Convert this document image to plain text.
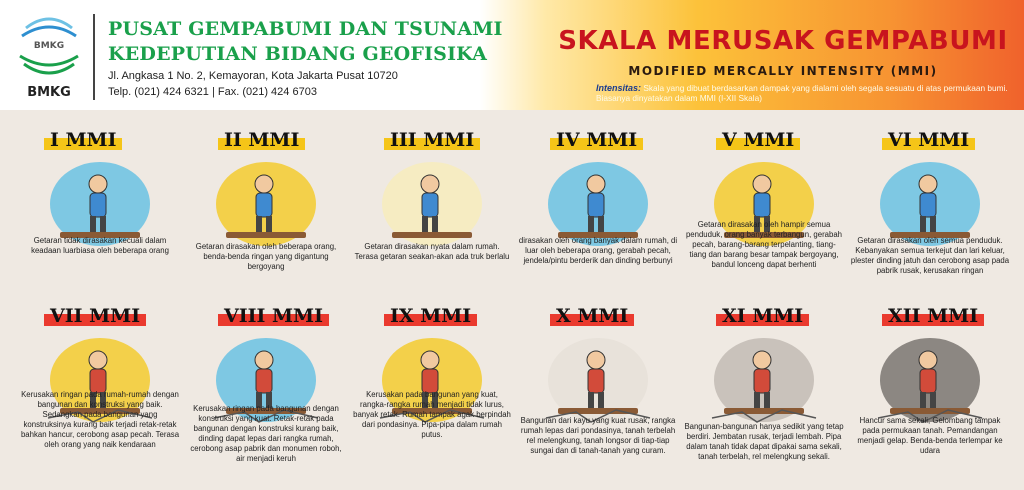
BMKG
BMKG
PUSAT GEMPABUMI DAN TSUNAMI
KEDEPUTIAN BIDANG GEOFISIKA
Jl. Angkasa 1 No. 2, Kemayoran, Kota Jakarta Pusat 10720
Telp. (021) 424 6321 | Fax. (021) 424 6703
SKALA MERUSAK GEMPABUMI
MODIFIED MERCALLY INTENSITY (MMI)
Intensitas: Skala yang dibuat berdasarkan dampak yang dialami oleh segala sesuatu di atas permukaan bumi. Biasanya dinyatakan dalam MMI (I-XII Skala)
I MMI
Getaran tidak dirasakan kecuali dalam keadaan luarbiasa oleh beberapa orang
II MMI
Getaran dirasakan oleh beberapa orang, benda-benda ringan yang digantung bergoyang
III MMI
Getaran dirasakan nyata dalam rumah. Terasa getaran seakan-akan ada truk berlalu
IV MMI
dirasakan oleh orang banyak dalam rumah, di luar oleh beberapa orang, gerabah pecah, jendela/pintu berderik dan dinding berbunyi
V MMI
Getaran dirasakan oleh hampir semua penduduk, orang banyak terbangun, gerabah pecah, barang-barang terpelanting, tiang-tiang dan barang besar tampak bergoyang, bandul lonceng dapat berhenti
VI MMI
Getaran dirasakan oleh semua penduduk. Kebanyakan semua terkejut dan lari keluar, plester dinding jatuh dan cerobong asap pada pabrik rusak, kerusakan ringan
VII MMI
Kerusakan ringan pada rumah-rumah dengan bangunan dan konstruksi yang baik. Sedangkan pada bangunan yang konstruksinya kurang baik terjadi retak-retak bahkan hancur, cerobong asap pecah. Terasa oleh orang yang naik kendaraan
VIII MMI
Kerusakan ringan pada bangunan dengan konstruksi yang kuat. Retak-retak pada bangunan dengan konstruksi kurang baik, dinding dapat lepas dari rangka rumah, cerobong asap pabrik dan monumen roboh, air menjadi keruh
IX MMI
Kerusakan pada bangunan yang kuat, rangka-rangka rumah menjadi tidak lurus, banyak retak. Rumah tampak agak berpindah dari pondasinya. Pipa-pipa dalam rumah putus.
X MMI
Bangunan dari kayu yang kuat rusak, rangka rumah lepas dari pondasinya, tanah terbelah rel melengkung, tanah longsor di tiap-tiap sungai dan di tanah-tanah yang curam.
XI MMI
Bangunan-bangunan hanya sedikit yang tetap berdiri. Jembatan rusak, terjadi lembah. Pipa dalam tanah tidak dapat dipakai sama sekali, tanah terbelah, rel melengkung sekali.
XII MMI
Hancur sama sekali, Gelombang tampak pada permukaan tanah. Pemandangan menjadi gelap. Benda-benda terlempar ke udara
